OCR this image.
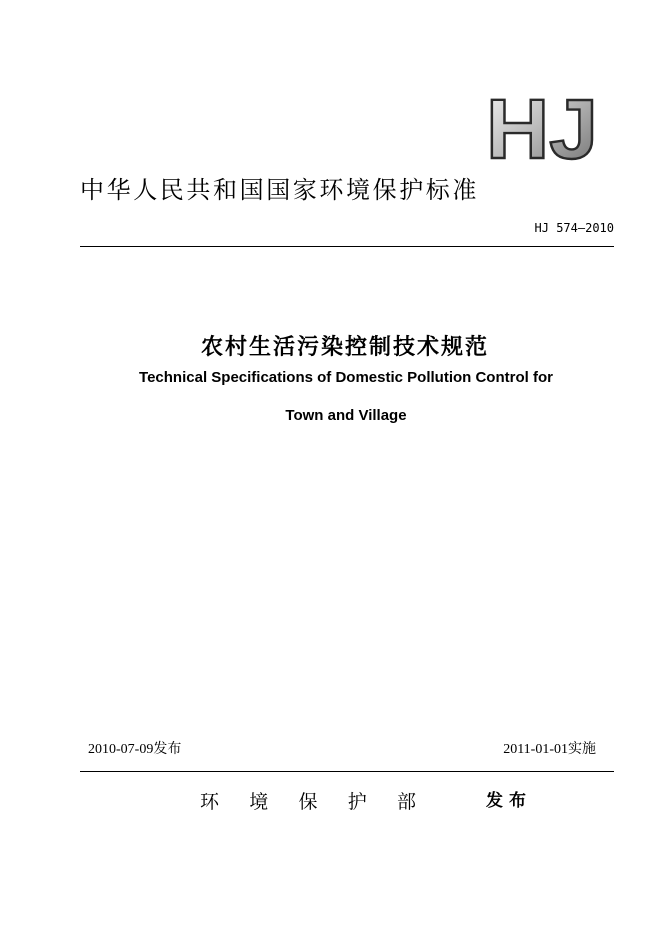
HJ
中华人民共和国国家环境保护标准
HJ 574—2010
农村生活污染控制技术规范
Technical Specifications of Domestic Pollution Control for
Town and Village
2010-07-09发布	2011-01-01实施
环 境 保 护 部	发布
